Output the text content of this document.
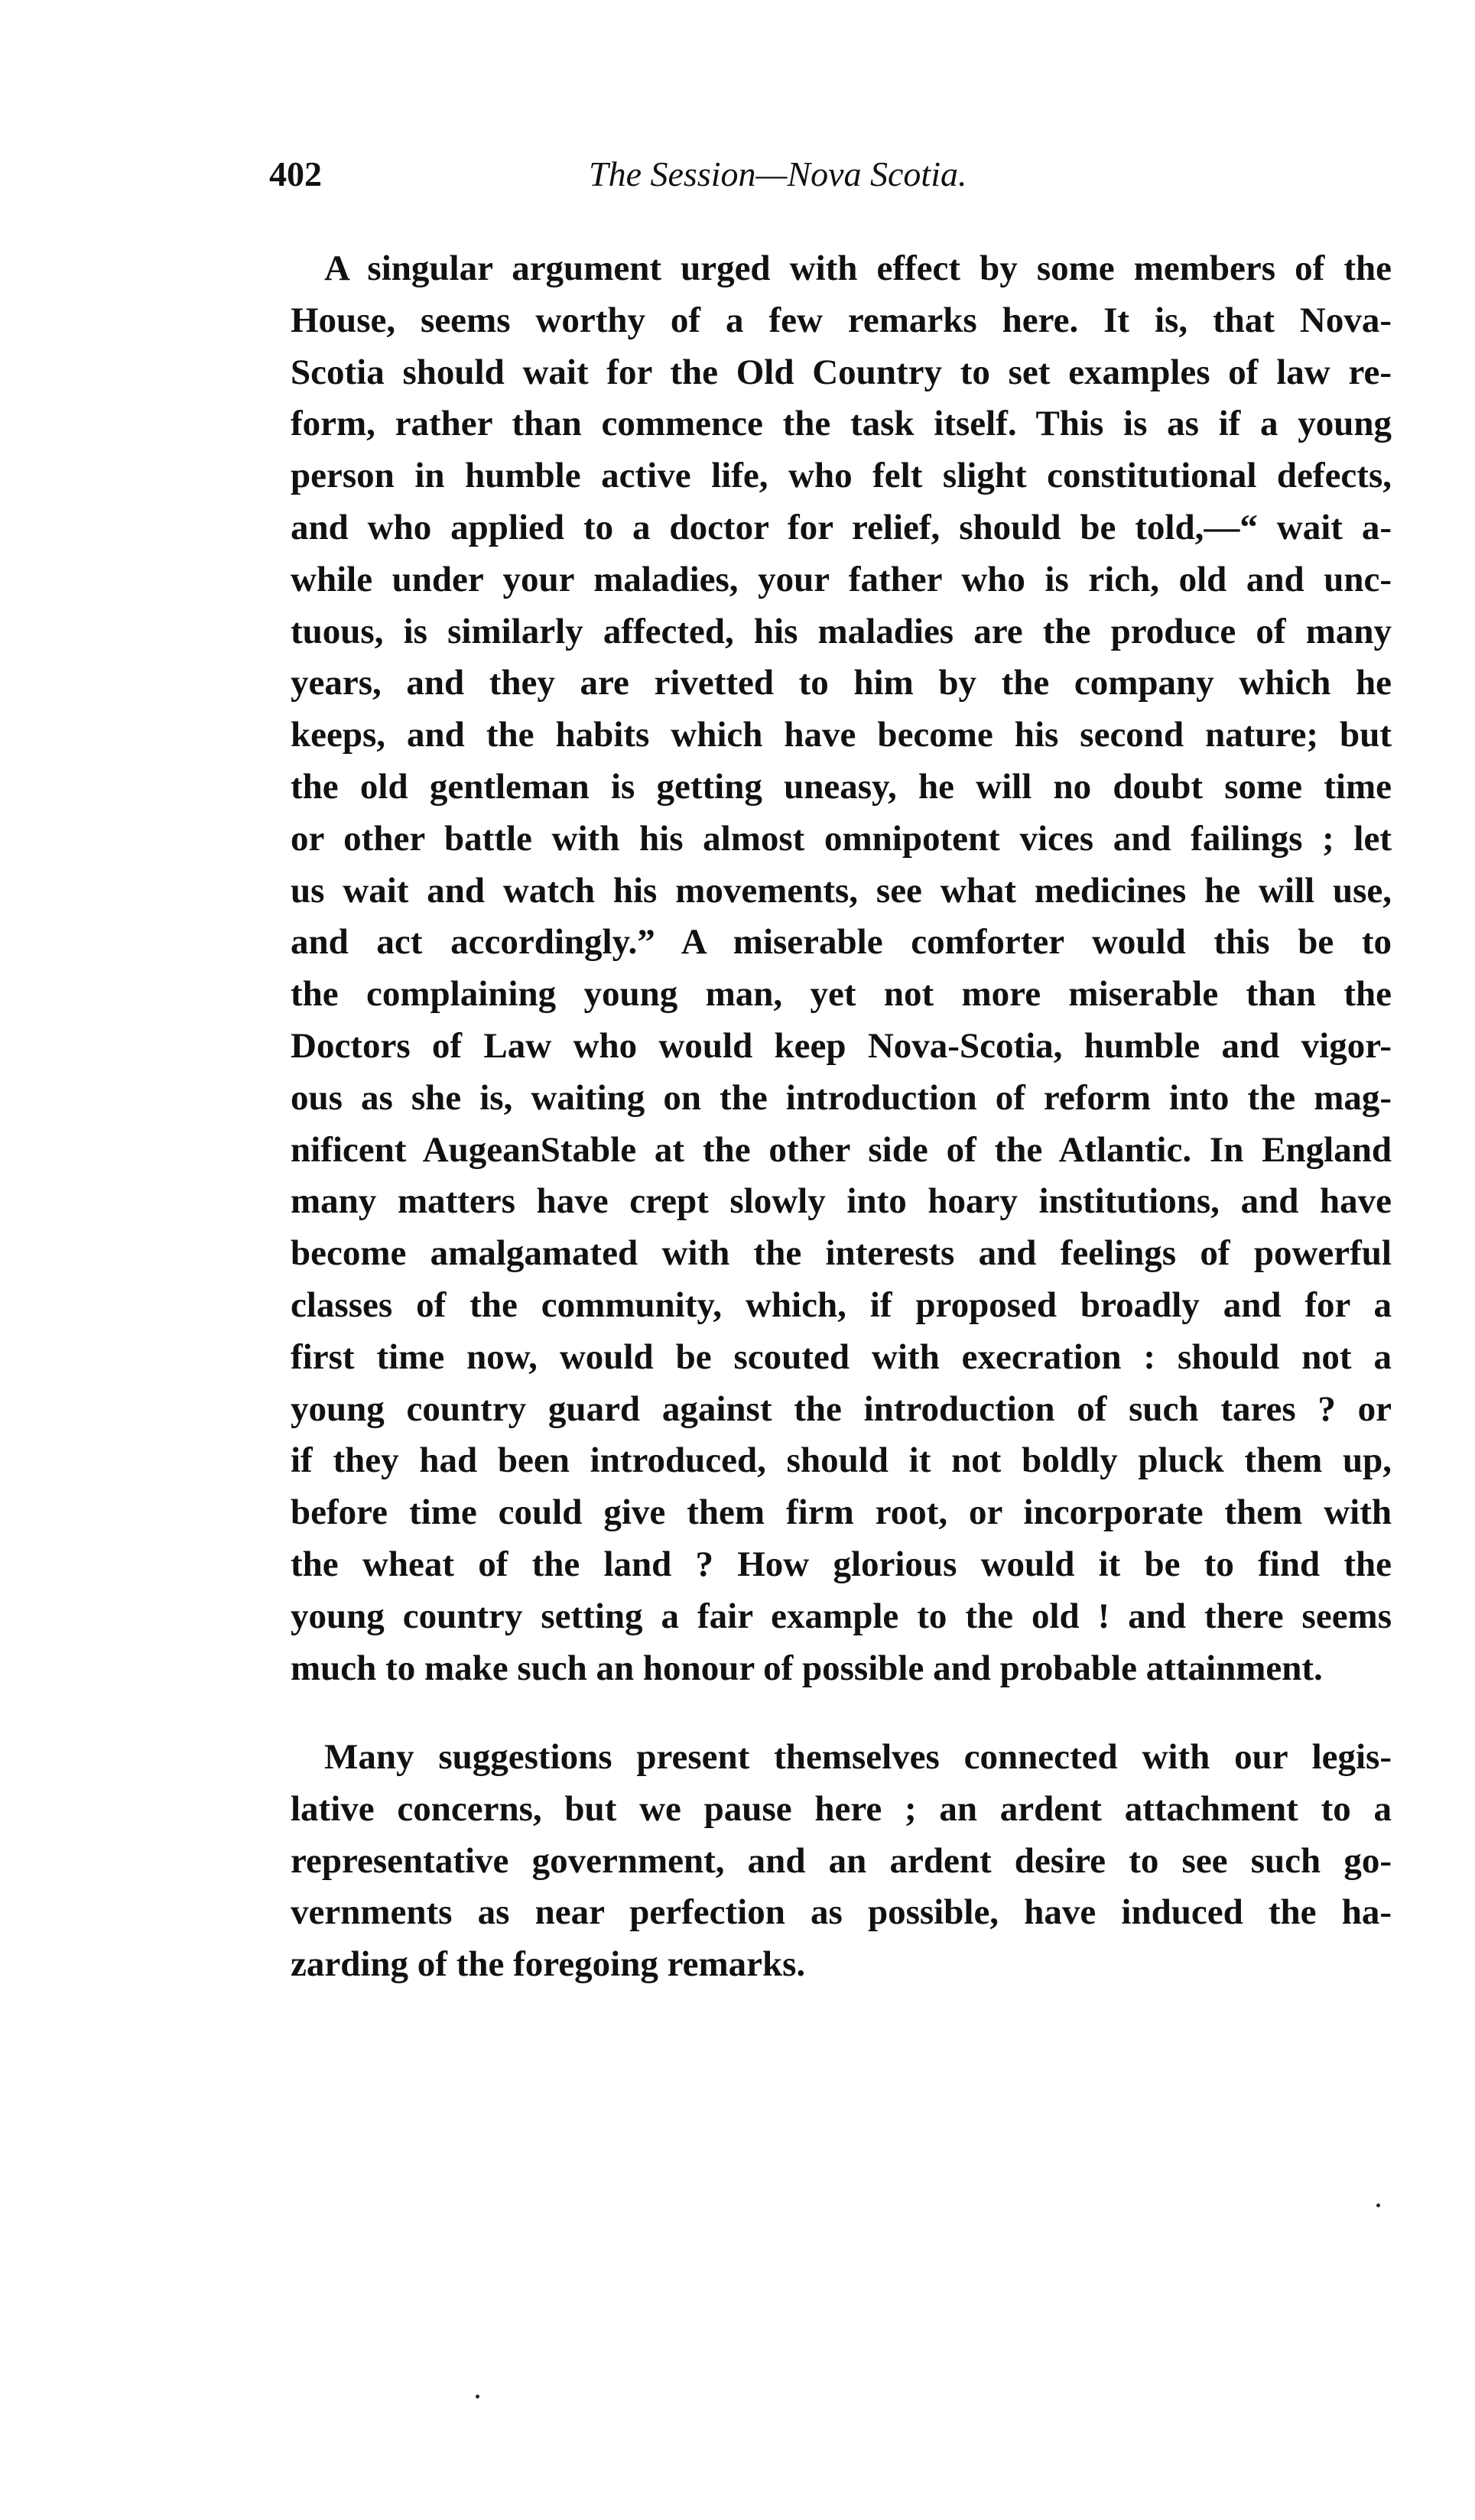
402	The Session—Nova Scotia.
A singular argument urged with effect by some members of the
House, seems worthy of a few remarks here. It is, that Nova-
Scotia should wait for the Old Country to set examples of law re-
form, rather than commence the task itself. This is as if a young
person in humble active life, who felt slight constitutional defects,
and who applied to a doctor for relief, should be told,—“ wait a-
while under your maladies, your father who is rich, old and unc-
tuous, is similarly affected, his maladies are the produce of many
years, and they are rivetted to him by the company which he
keeps, and the habits which have become his second nature; but
the old gentleman is getting uneasy, he will no doubt some time
or other battle with his almost omnipotent vices and failings ; let
us wait and watch his movements, see what medicines he will use,
and act accordingly.” A miserable comforter would this be to
the complaining young man, yet not more miserable than the
Doctors of Law who would keep Nova-Scotia, humble and vigor-
ous as she is, waiting on the introduction of reform into the mag-
nificent AugeanStable at the other side of the Atlantic. In England
many matters have crept slowly into hoary institutions, and have
become amalgamated with the interests and feelings of powerful
classes of the community, which, if proposed broadly and for a
first time now, would be scouted with execration : should not a
young country guard against the introduction of such tares ? or
if they had been introduced, should it not boldly pluck them up,
before time could give them firm root, or incorporate them with
the wheat of the land ? How glorious would it be to find the
young country setting a fair example to the old ! and there seems
much to make such an honour of possible and probable attainment.
Many suggestions present themselves connected with our legis-
lative concerns, but we pause here ; an ardent attachment to a
representative government, and an ardent desire to see such go-
vernments as near perfection as possible, have induced the ha-
zarding of the foregoing remarks.
